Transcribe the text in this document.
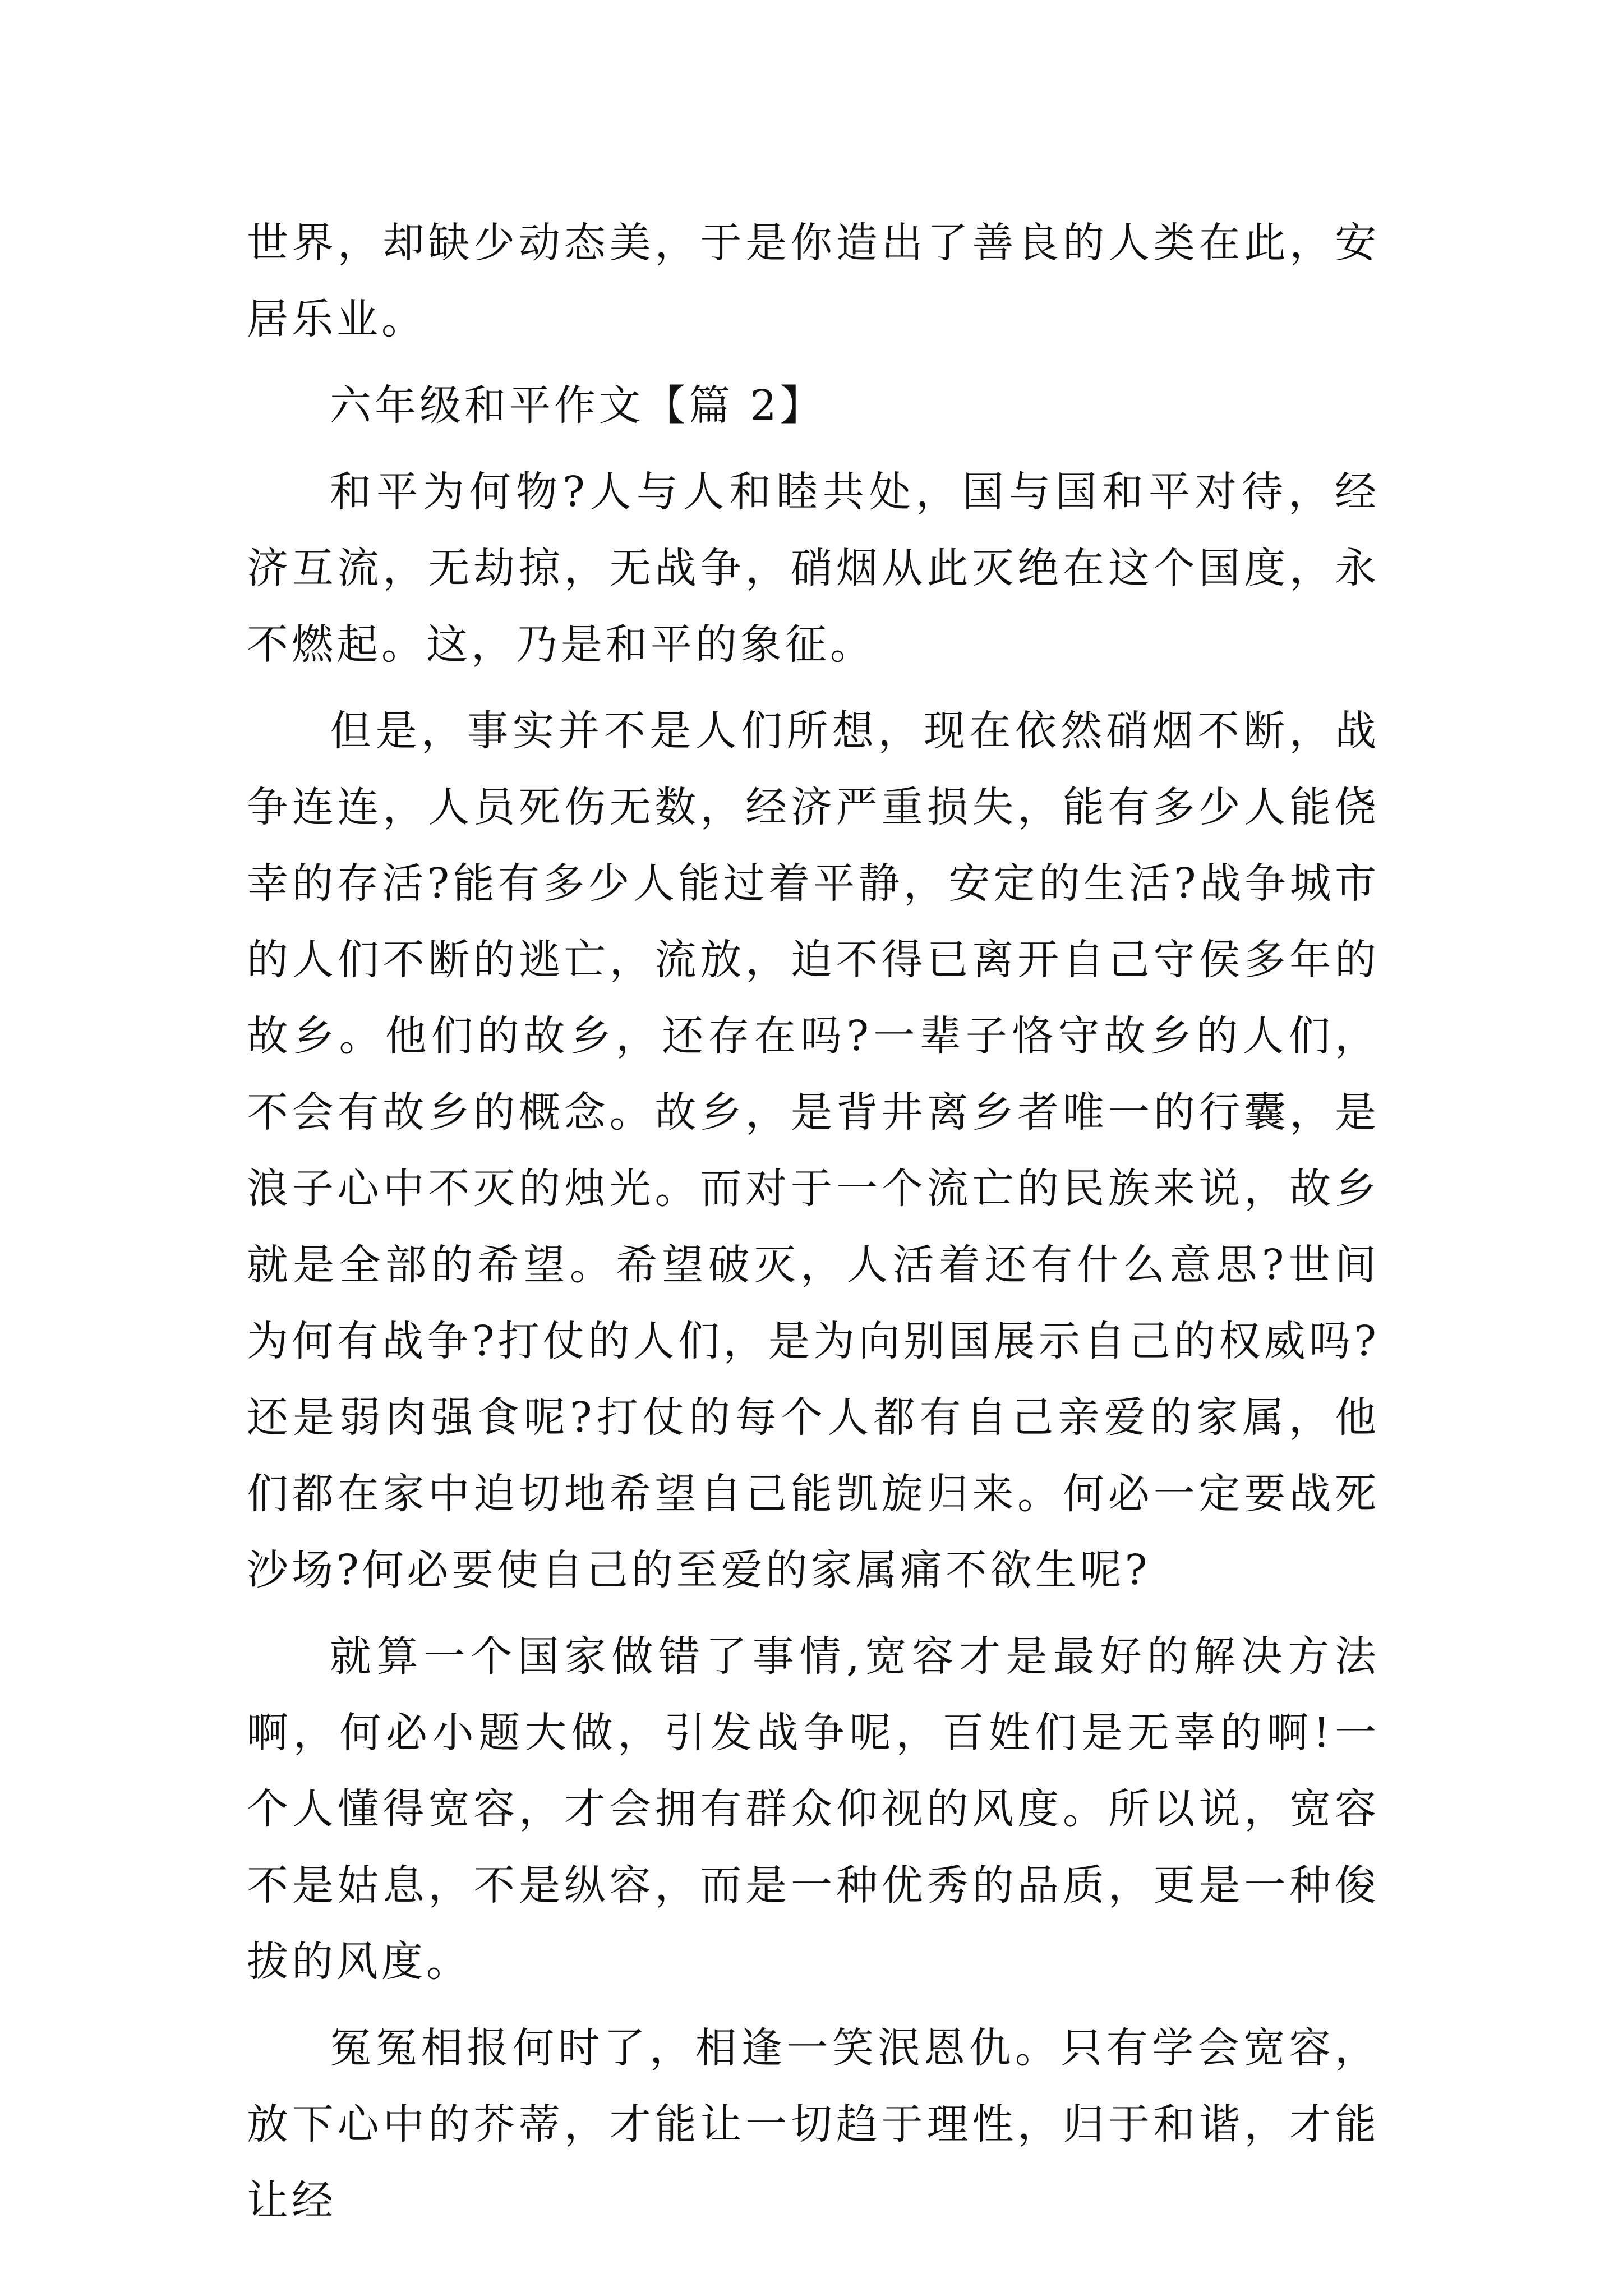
世界，却缺少动态美，于是你造出了善良的人类在此，安居乐业。

六年级和平作文【篇 2】

和平为何物?人与人和睦共处，国与国和平对待，经济互流，无劫掠，无战争，硝烟从此灭绝在这个国度，永不燃起。这，乃是和平的象征。

但是，事实并不是人们所想，现在依然硝烟不断，战争连连，人员死伤无数，经济严重损失，能有多少人能侥幸的存活?能有多少人能过着平静，安定的生活?战争城市的人们不断的逃亡，流放，迫不得已离开自己守侯多年的故乡。他们的故乡，还存在吗?一辈子恪守故乡的人们，不会有故乡的概念。故乡，是背井离乡者唯一的行囊，是浪子心中不灭的烛光。而对于一个流亡的民族来说，故乡就是全部的希望。希望破灭，人活着还有什么意思?世间为何有战争?打仗的人们，是为向别国展示自己的权威吗?还是弱肉强食呢?打仗的每个人都有自己亲爱的家属，他们都在家中迫切地希望自己能凯旋归来。何必一定要战死沙场?何必要使自己的至爱的家属痛不欲生呢?

就算一个国家做错了事情,宽容才是最好的解决方法啊，何必小题大做，引发战争呢，百姓们是无辜的啊!一个人懂得宽容，才会拥有群众仰视的风度。所以说，宽容不是姑息，不是纵容，而是一种优秀的品质，更是一种俊拔的风度。

冤冤相报何时了，相逢一笑泯恩仇。只有学会宽容，放下心中的芥蒂，才能让一切趋于理性，归于和谐，才能让经
